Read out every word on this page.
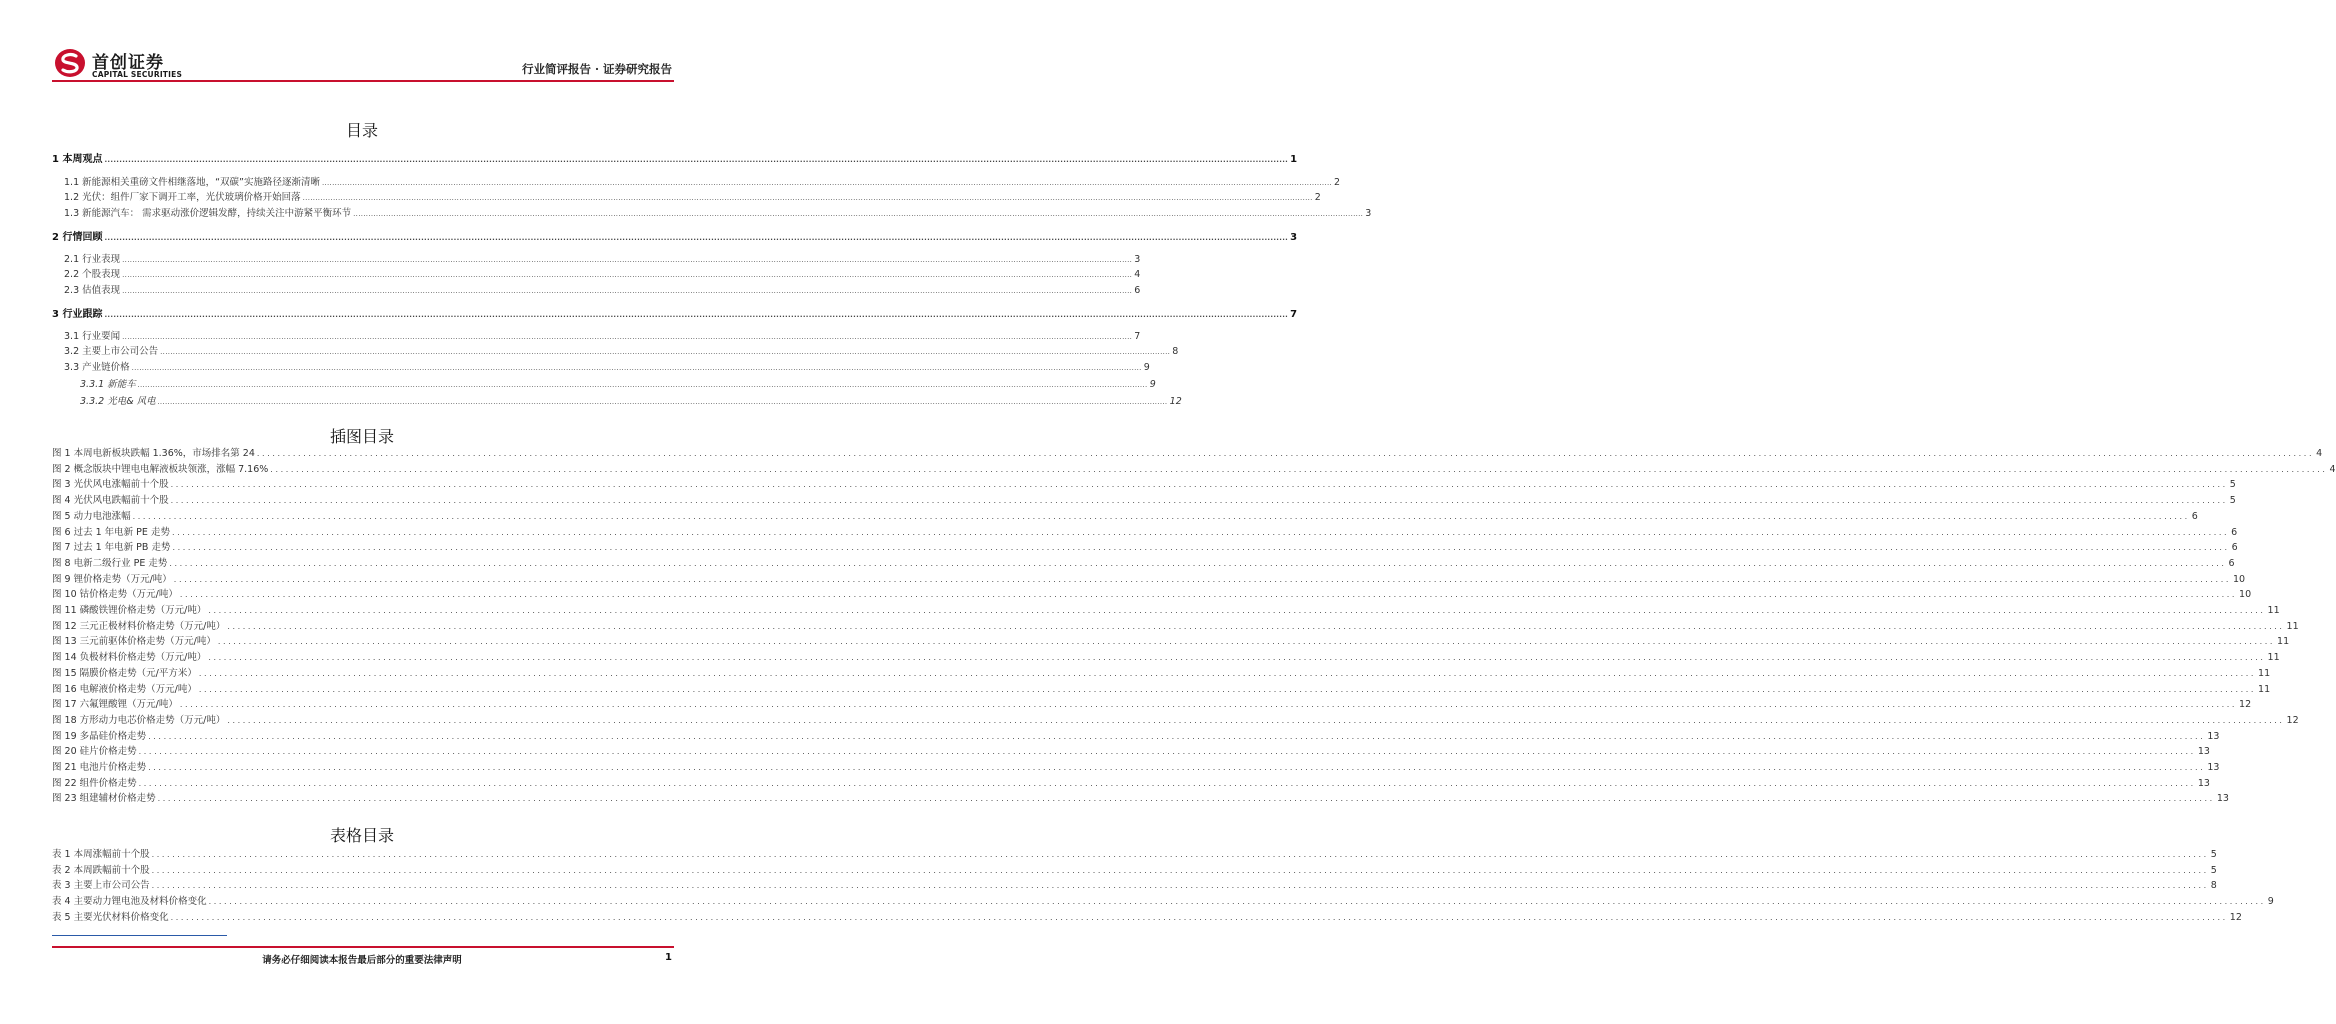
首创证券
CAPITAL SECURITIES	行业简评报告 · 证券研究报告
目录
1 本周观点 ................................................................................................................................................................................................................................................................................................................................................................................................................ 1
1.1 新能源相关重磅文件相继落地，“双碳”实施路径逐渐清晰 ................................................................................................................................................................................................................................................................................................................................................................................................................ 2
1.2 光伏：组件厂家下调开工率，光伏玻璃价格开始回落 ................................................................................................................................................................................................................................................................................................................................................................................................................ 2
1.3 新能源汽车： 需求驱动涨价逻辑发酵，持续关注中游紧平衡环节 ................................................................................................................................................................................................................................................................................................................................................................................................................ 3
2 行情回顾 ................................................................................................................................................................................................................................................................................................................................................................................................................ 3
2.1 行业表现 ................................................................................................................................................................................................................................................................................................................................................................................................................ 3
2.2 个股表现 ................................................................................................................................................................................................................................................................................................................................................................................................................ 4
2.3 估值表现 ................................................................................................................................................................................................................................................................................................................................................................................................................ 6
3 行业跟踪 ................................................................................................................................................................................................................................................................................................................................................................................................................ 7
3.1 行业要闻 ................................................................................................................................................................................................................................................................................................................................................................................................................ 7
3.2 主要上市公司公告 ................................................................................................................................................................................................................................................................................................................................................................................................................ 8
3.3 产业链价格 ................................................................................................................................................................................................................................................................................................................................................................................................................ 9
3.3.1 新能车 ................................................................................................................................................................................................................................................................................................................................................................................................................ 9
3.3.2 光电& 风电 ................................................................................................................................................................................................................................................................................................................................................................................................................ 12
插图目录
图 1 本周电新板块跌幅 1.36%，市场排名第 24 ................................................................................................................................................................................................................................................................................................................................................................................................................ 4
图 2 概念版块中锂电电解液板块领涨，涨幅 7.16% ................................................................................................................................................................................................................................................................................................................................................................................................................ 4
图 3 光伏风电涨幅前十个股 ................................................................................................................................................................................................................................................................................................................................................................................................................ 5
图 4 光伏风电跌幅前十个股 ................................................................................................................................................................................................................................................................................................................................................................................................................ 5
图 5 动力电池涨幅 ................................................................................................................................................................................................................................................................................................................................................................................................................ 6
图 6 过去 1 年电新 PE 走势 ................................................................................................................................................................................................................................................................................................................................................................................................................ 6
图 7 过去 1 年电新 PB 走势 ................................................................................................................................................................................................................................................................................................................................................................................................................ 6
图 8 电新二级行业 PE 走势 ................................................................................................................................................................................................................................................................................................................................................................................................................ 6
图 9 锂价格走势（万元/吨） ................................................................................................................................................................................................................................................................................................................................................................................................................ 10
图 10 钴价格走势（万元/吨） ................................................................................................................................................................................................................................................................................................................................................................................................................ 10
图 11 磷酸铁锂价格走势（万元/吨） ................................................................................................................................................................................................................................................................................................................................................................................................................ 11
图 12 三元正极材料价格走势（万元/吨） ................................................................................................................................................................................................................................................................................................................................................................................................................ 11
图 13 三元前驱体价格走势（万元/吨） ................................................................................................................................................................................................................................................................................................................................................................................................................ 11
图 14 负极材料价格走势（万元/吨） ................................................................................................................................................................................................................................................................................................................................................................................................................ 11
图 15 隔膜价格走势（元/平方米） ................................................................................................................................................................................................................................................................................................................................................................................................................ 11
图 16 电解液价格走势（万元/吨） ................................................................................................................................................................................................................................................................................................................................................................................................................ 11
图 17 六氟锂酸锂（万元/吨） ................................................................................................................................................................................................................................................................................................................................................................................................................ 12
图 18 方形动力电芯价格走势（万元/吨） ................................................................................................................................................................................................................................................................................................................................................................................................................ 12
图 19 多晶硅价格走势 ................................................................................................................................................................................................................................................................................................................................................................................................................ 13
图 20 硅片价格走势 ................................................................................................................................................................................................................................................................................................................................................................................................................ 13
图 21 电池片价格走势 ................................................................................................................................................................................................................................................................................................................................................................................................................ 13
图 22 组件价格走势 ................................................................................................................................................................................................................................................................................................................................................................................................................ 13
图 23 组建辅材价格走势 ................................................................................................................................................................................................................................................................................................................................................................................................................ 13
表格目录
表 1 本周涨幅前十个股 ................................................................................................................................................................................................................................................................................................................................................................................................................ 5
表 2 本周跌幅前十个股 ................................................................................................................................................................................................................................................................................................................................................................................................................ 5
表 3 主要上市公司公告 ................................................................................................................................................................................................................................................................................................................................................................................................................ 8
表 4 主要动力锂电池及材料价格变化 ................................................................................................................................................................................................................................................................................................................................................................................................................ 9
表 5 主要光伏材料价格变化 ................................................................................................................................................................................................................................................................................................................................................................................................................ 12
请务必仔细阅读本报告最后部分的重要法律声明	1
